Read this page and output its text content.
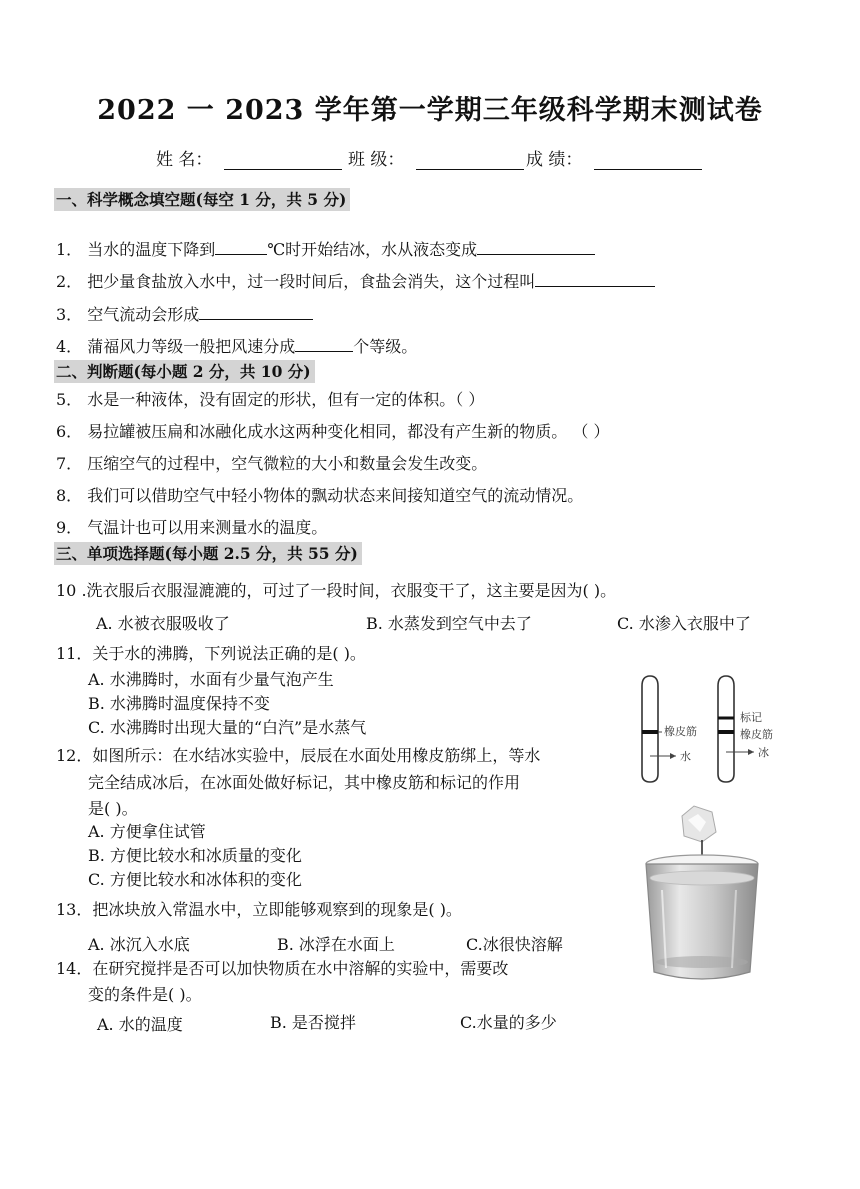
2022 一 2023 学年第一学期三年级科学期末测试卷
姓 名：	班 级：	成 绩：
一、科学概念填空题(每空 1 分，共 5 分)
1． 当水的温度下降到	℃时开始结冰，水从液态变成
2． 把少量食盐放入水中，过一段时间后，食盐会消失，这个过程叫
3． 空气流动会形成
4． 蒲福风力等级一般把风速分成	个等级。
二、判断题(每小题 2 分，共 10 分)
5． 水是一种液体，没有固定的形状，但有一定的体积。（ ）
6． 易拉罐被压扁和冰融化成水这两种变化相同，都没有产生新的物质。 （ ）
7． 压缩空气的过程中，空气微粒的大小和数量会发生改变。
8． 我们可以借助空气中轻小物体的飘动状态来间接知道空气的流动情况。
9． 气温计也可以用来测量水的温度。
三、单项选择题(每小题 2.5 分，共 55 分)
10 .洗衣服后衣服湿漉漉的，可过了一段时间，衣服变干了，这主要是因为( )。
A. 水被衣服吸收了	B. 水蒸发到空气中去了	C. 水渗入衣服中了
11．关于水的沸腾，下列说法正确的是( )。
A. 水沸腾时，水面有少量气泡产生
B. 水沸腾时温度保持不变
C. 水沸腾时出现大量的“白汽”是水蒸气
12．如图所示：在水结冰实验中，辰辰在水面处用橡皮筋绑上，等水
完全结成冰后，在冰面处做好标记，其中橡皮筋和标记的作用
是( )。
A. 方便拿住试管
B. 方便比较水和冰质量的变化
C. 方便比较水和冰体积的变化
13．把冰块放入常温水中，立即能够观察到的现象是( )。
A. 冰沉入水底	B. 冰浮在水面上	C.冰很快溶解
14．在研究搅拌是否可以加快物质在水中溶解的实验中，需要改
变的条件是( )。
A. 水的温度	B. 是否搅拌	C.水量的多少
橡皮筋
水
标记
橡皮筋
冰
